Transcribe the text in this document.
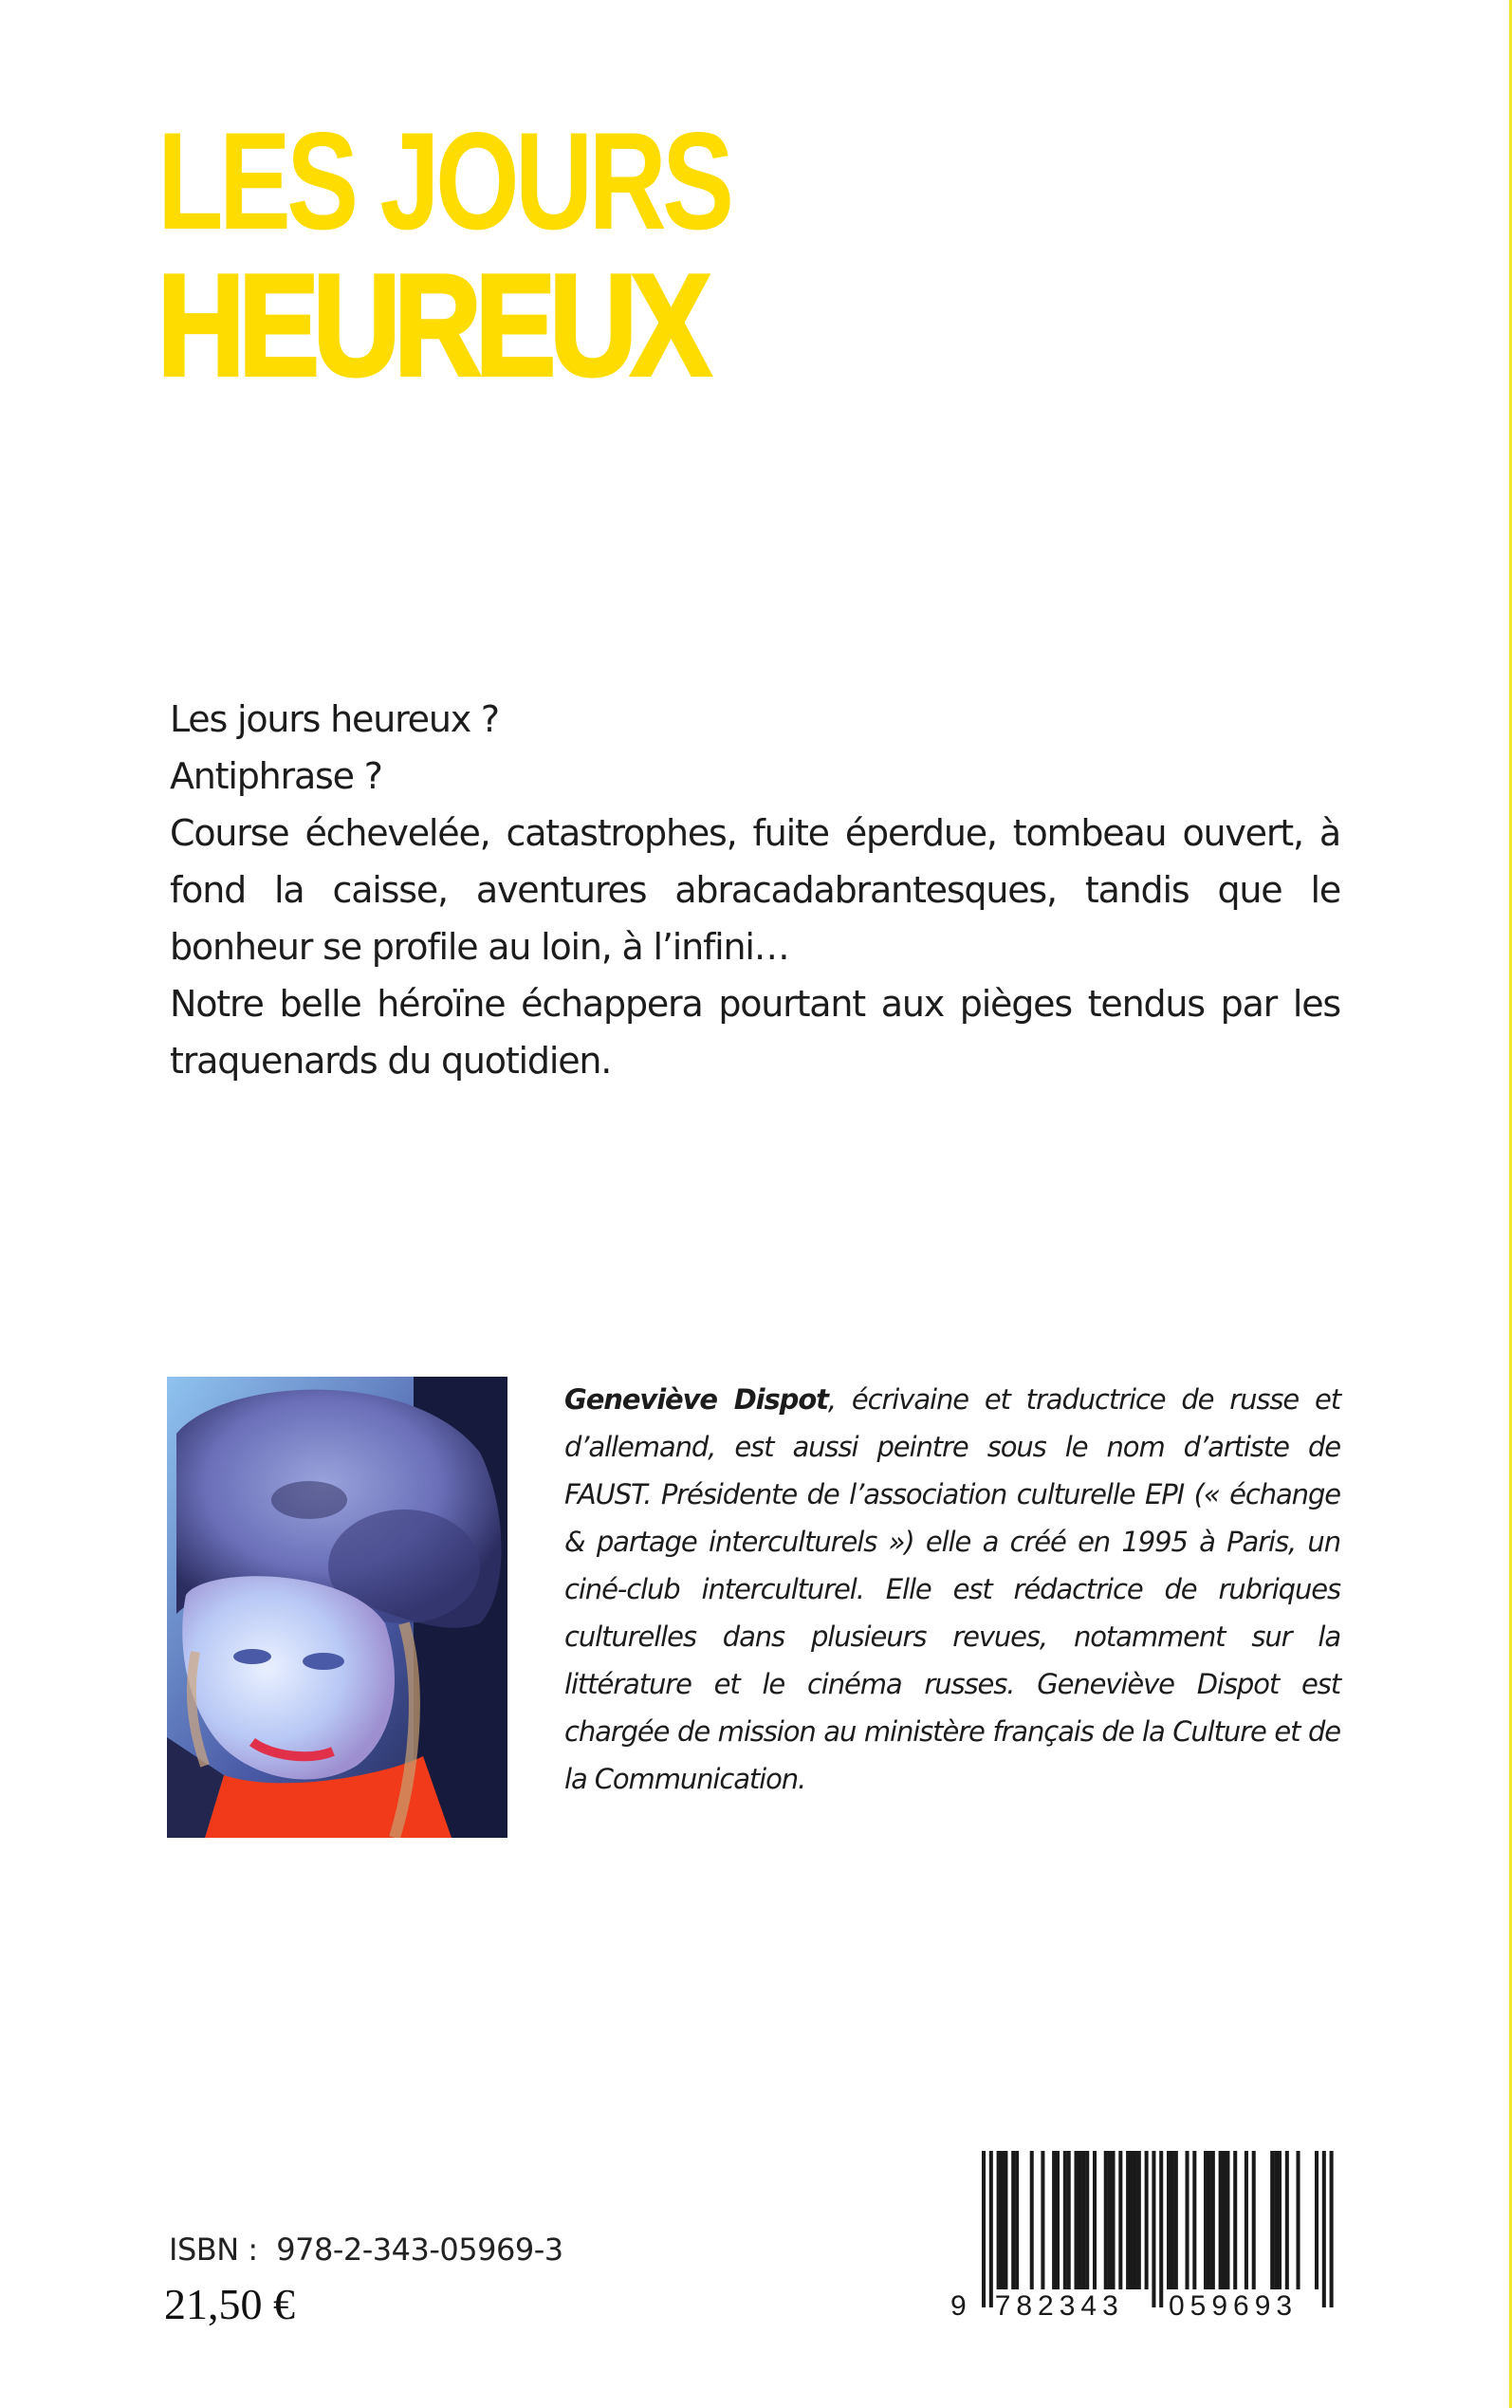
LES JOURS
HEUREUX

Les jours heureux ?

Antiphrase ?

Course échevelée, catastrophes, fuite éperdue, tombeau ouvert, à fond la caisse, aventures abracadabrantesques, tandis que le bonheur se profile au loin, à l’infini…

Notre belle héroïne échappera pourtant aux pièges tendus par les traquenards du quotidien.

Geneviève Dispot, écrivaine et traductrice de russe et d’allemand, est aussi peintre sous le nom d’artiste de FAUST. Présidente de l’association culturelle EPI (« échange & partage interculturels ») elle a créé en 1995 à Paris, un ciné-club interculturel. Elle est rédactrice de rubriques culturelles dans plusieurs revues, notamment sur la littérature et le cinéma russes. Geneviève Dispot est chargée de mission au ministère français de la Culture et de la Communication.
ISBN : 978-2-343-05969-3
21,50 €	9 782343 059693
